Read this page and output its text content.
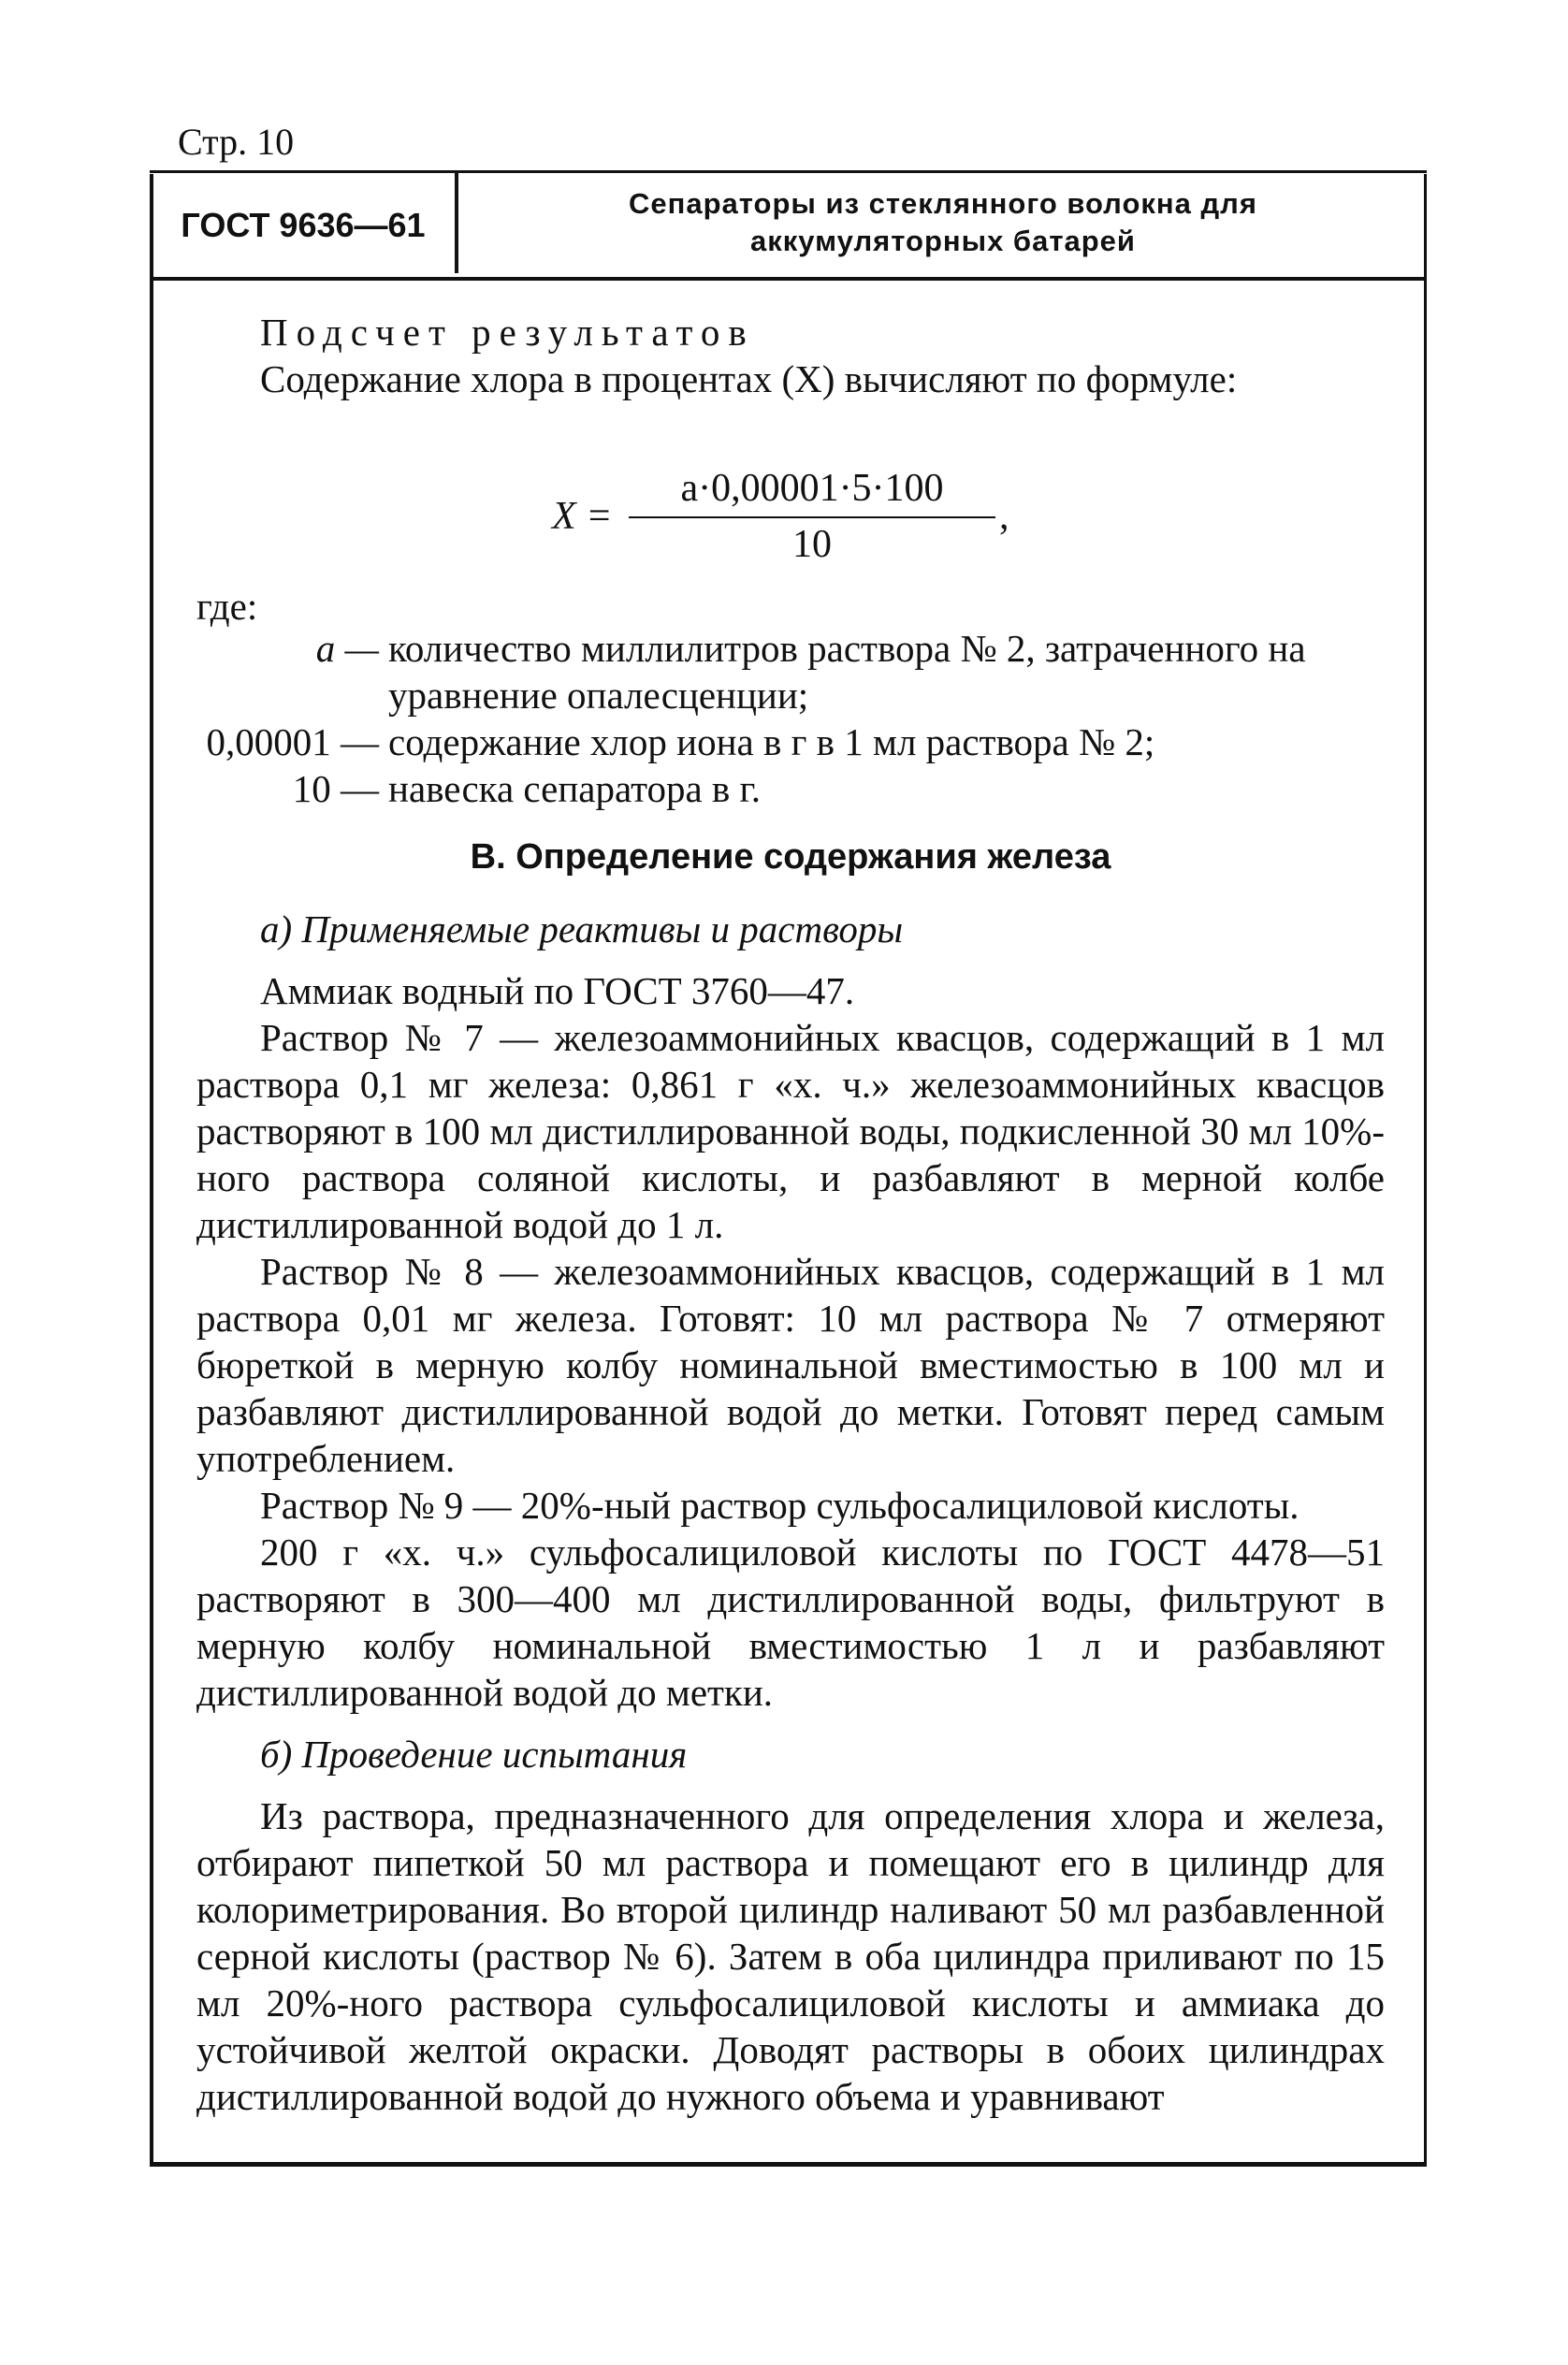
Стр. 10
ГОСТ 9636—61
Сепараторы из стеклянного волокна для
аккумуляторных батарей

Подсчет результатов

Содержание хлора в процентах (X) вычисляют по формуле:

X =
a·0,00001·5·100
10
,
где:
a — количество миллилитров раствора № 2, затраченного на уравнение опалесценции;
0,00001 — содержание хлор иона в г в 1 мл раствора № 2;
10 — навеска сепаратора в г.
В. Определение содержания железа

а) Применяемые реактивы и растворы

Аммиак водный по ГОСТ 3760—47.

Раствор № 7 — железоаммонийных квасцов, содержащий в 1 мл раствора 0,1 мг железа: 0,861 г «х. ч.» железоаммонийных квасцов растворяют в 100 мл дистиллированной воды, подкисленной 30 мл 10%-ного раствора соляной кислоты, и разбавляют в мерной колбе дистиллированной водой до 1 л.

Раствор № 8 — железоаммонийных квасцов, содержащий в 1 мл раствора 0,01 мг железа. Готовят: 10 мл раствора № 7 отмеряют бюреткой в мерную колбу номинальной вместимостью в 100 мл и разбавляют дистиллированной водой до метки. Готовят перед самым употреблением.

Раствор № 9 — 20%-ный раствор сульфосалициловой кислоты.

200 г «х. ч.» сульфосалициловой кислоты по ГОСТ 4478—51 растворяют в 300—400 мл дистиллированной воды, фильтруют в мерную колбу номинальной вместимостью 1 л и разбавляют дистиллированной водой до метки.

б) Проведение испытания

Из раствора, предназначенного для определения хлора и железа, отбирают пипеткой 50 мл раствора и помещают его в цилиндр для колориметрирования. Во второй цилиндр наливают 50 мл разбавленной серной кислоты (раствор № 6). Затем в оба цилиндра приливают по 15 мл 20%-ного раствора сульфосалициловой кислоты и аммиака до устойчивой желтой окраски. Доводят растворы в обоих цилиндрах дистиллированной водой до нужного объема и уравнивают
